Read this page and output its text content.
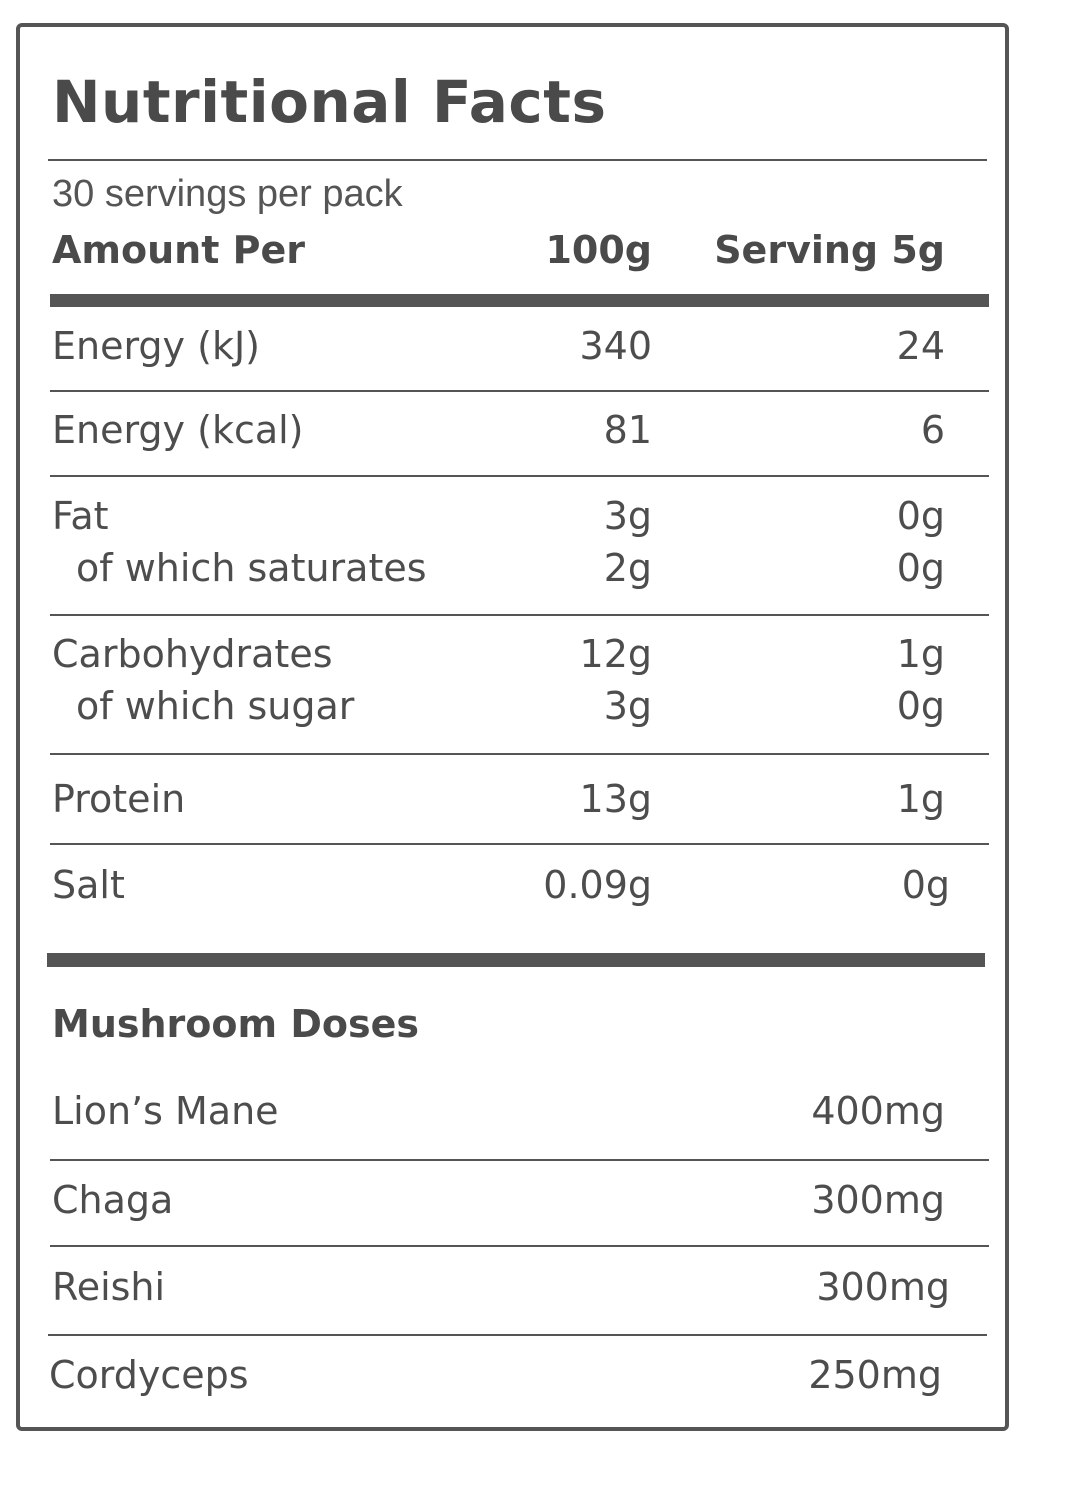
Nutritional Facts
30 servings per pack
Amount Per	100g Serving 5g
Energy (kJ)	340	24
Energy (kcal)	81	6
Fat	3g	0g
of which saturates	2g	0g
Carbohydrates	12g	1g
of which sugar	3g	0g
Protein	13g	1g
Salt	0.09g	0g
Mushroom Doses
Lion’s Mane	400mg
Chaga	300mg
Reishi	300mg
Cordyceps	250mg
